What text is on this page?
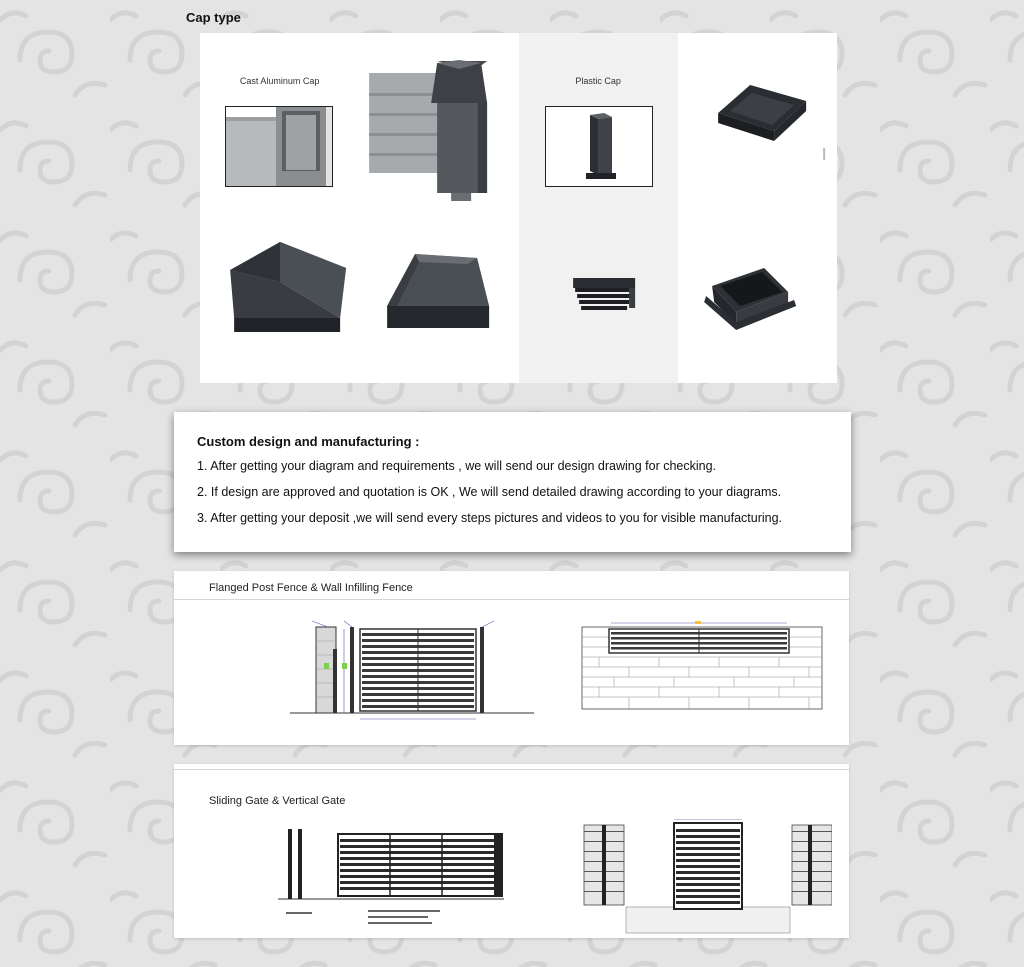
Cap type
Cast Aluminum Cap	Plastic Cap
Custom design and manufacturing :
1. After getting your diagram and requirements , we will send our design drawing for checking.
2. If design are approved and quotation is OK , We will send detailed drawing according to your diagrams.
3. After getting your deposit ,we will send every steps pictures and videos to you for visible manufacturing.
Flanged Post Fence & Wall Infilling Fence
Sliding Gate & Vertical Gate
